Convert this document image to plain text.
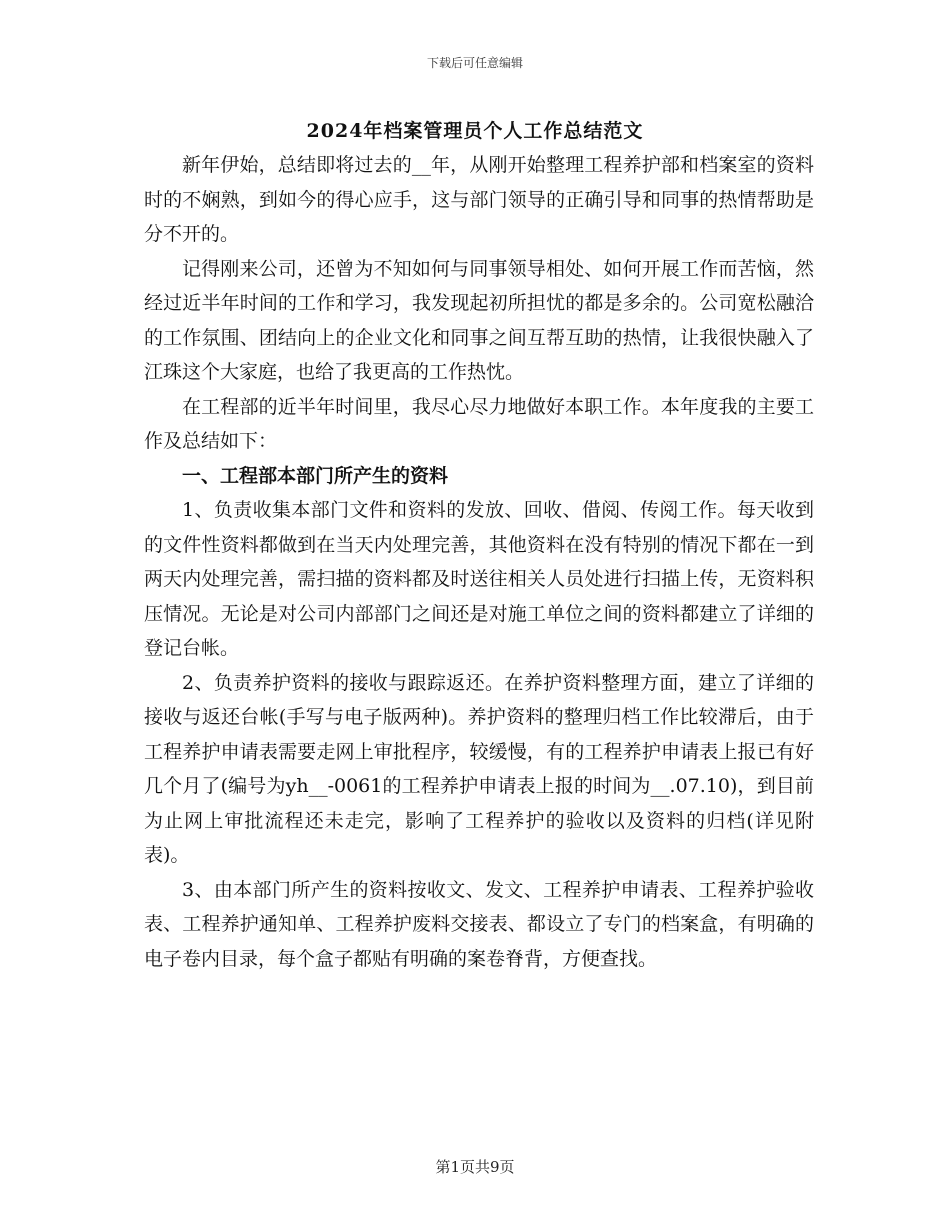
下载后可任意编辑
2024年档案管理员个人工作总结范文

新年伊始，总结即将过去的__年，从刚开始整理工程养护部和档案室的资料时的不娴熟，到如今的得心应手，这与部门领导的正确引导和同事的热情帮助是分不开的。

记得刚来公司，还曾为不知如何与同事领导相处、如何开展工作而苦恼，然经过近半年时间的工作和学习，我发现起初所担忧的都是多余的。公司宽松融洽的工作氛围、团结向上的企业文化和同事之间互帮互助的热情，让我很快融入了江珠这个大家庭，也给了我更高的工作热忱。

在工程部的近半年时间里，我尽心尽力地做好本职工作。本年度我的主要工作及总结如下：

一、工程部本部门所产生的资料

1、负责收集本部门文件和资料的发放、回收、借阅、传阅工作。每天收到的文件性资料都做到在当天内处理完善，其他资料在没有特别的情况下都在一到两天内处理完善，需扫描的资料都及时送往相关人员处进行扫描上传，无资料积压情况。无论是对公司内部部门之间还是对施工单位之间的资料都建立了详细的登记台帐。

2、负责养护资料的接收与跟踪返还。在养护资料整理方面，建立了详细的接收与返还台帐(手写与电子版两种)。养护资料的整理归档工作比较滞后，由于工程养护申请表需要走网上审批程序，较缓慢，有的工程养护申请表上报已有好几个月了(编号为yh__-0061的工程养护申请表上报的时间为__.07.10)，到目前为止网上审批流程还未走完，影响了工程养护的验收以及资料的归档(详见附表)。

3、由本部门所产生的资料按收文、发文、工程养护申请表、工程养护验收表、工程养护通知单、工程养护废料交接表、都设立了专门的档案盒，有明确的电子卷内目录，每个盒子都贴有明确的案卷脊背，方便查找。

第1页共9页
